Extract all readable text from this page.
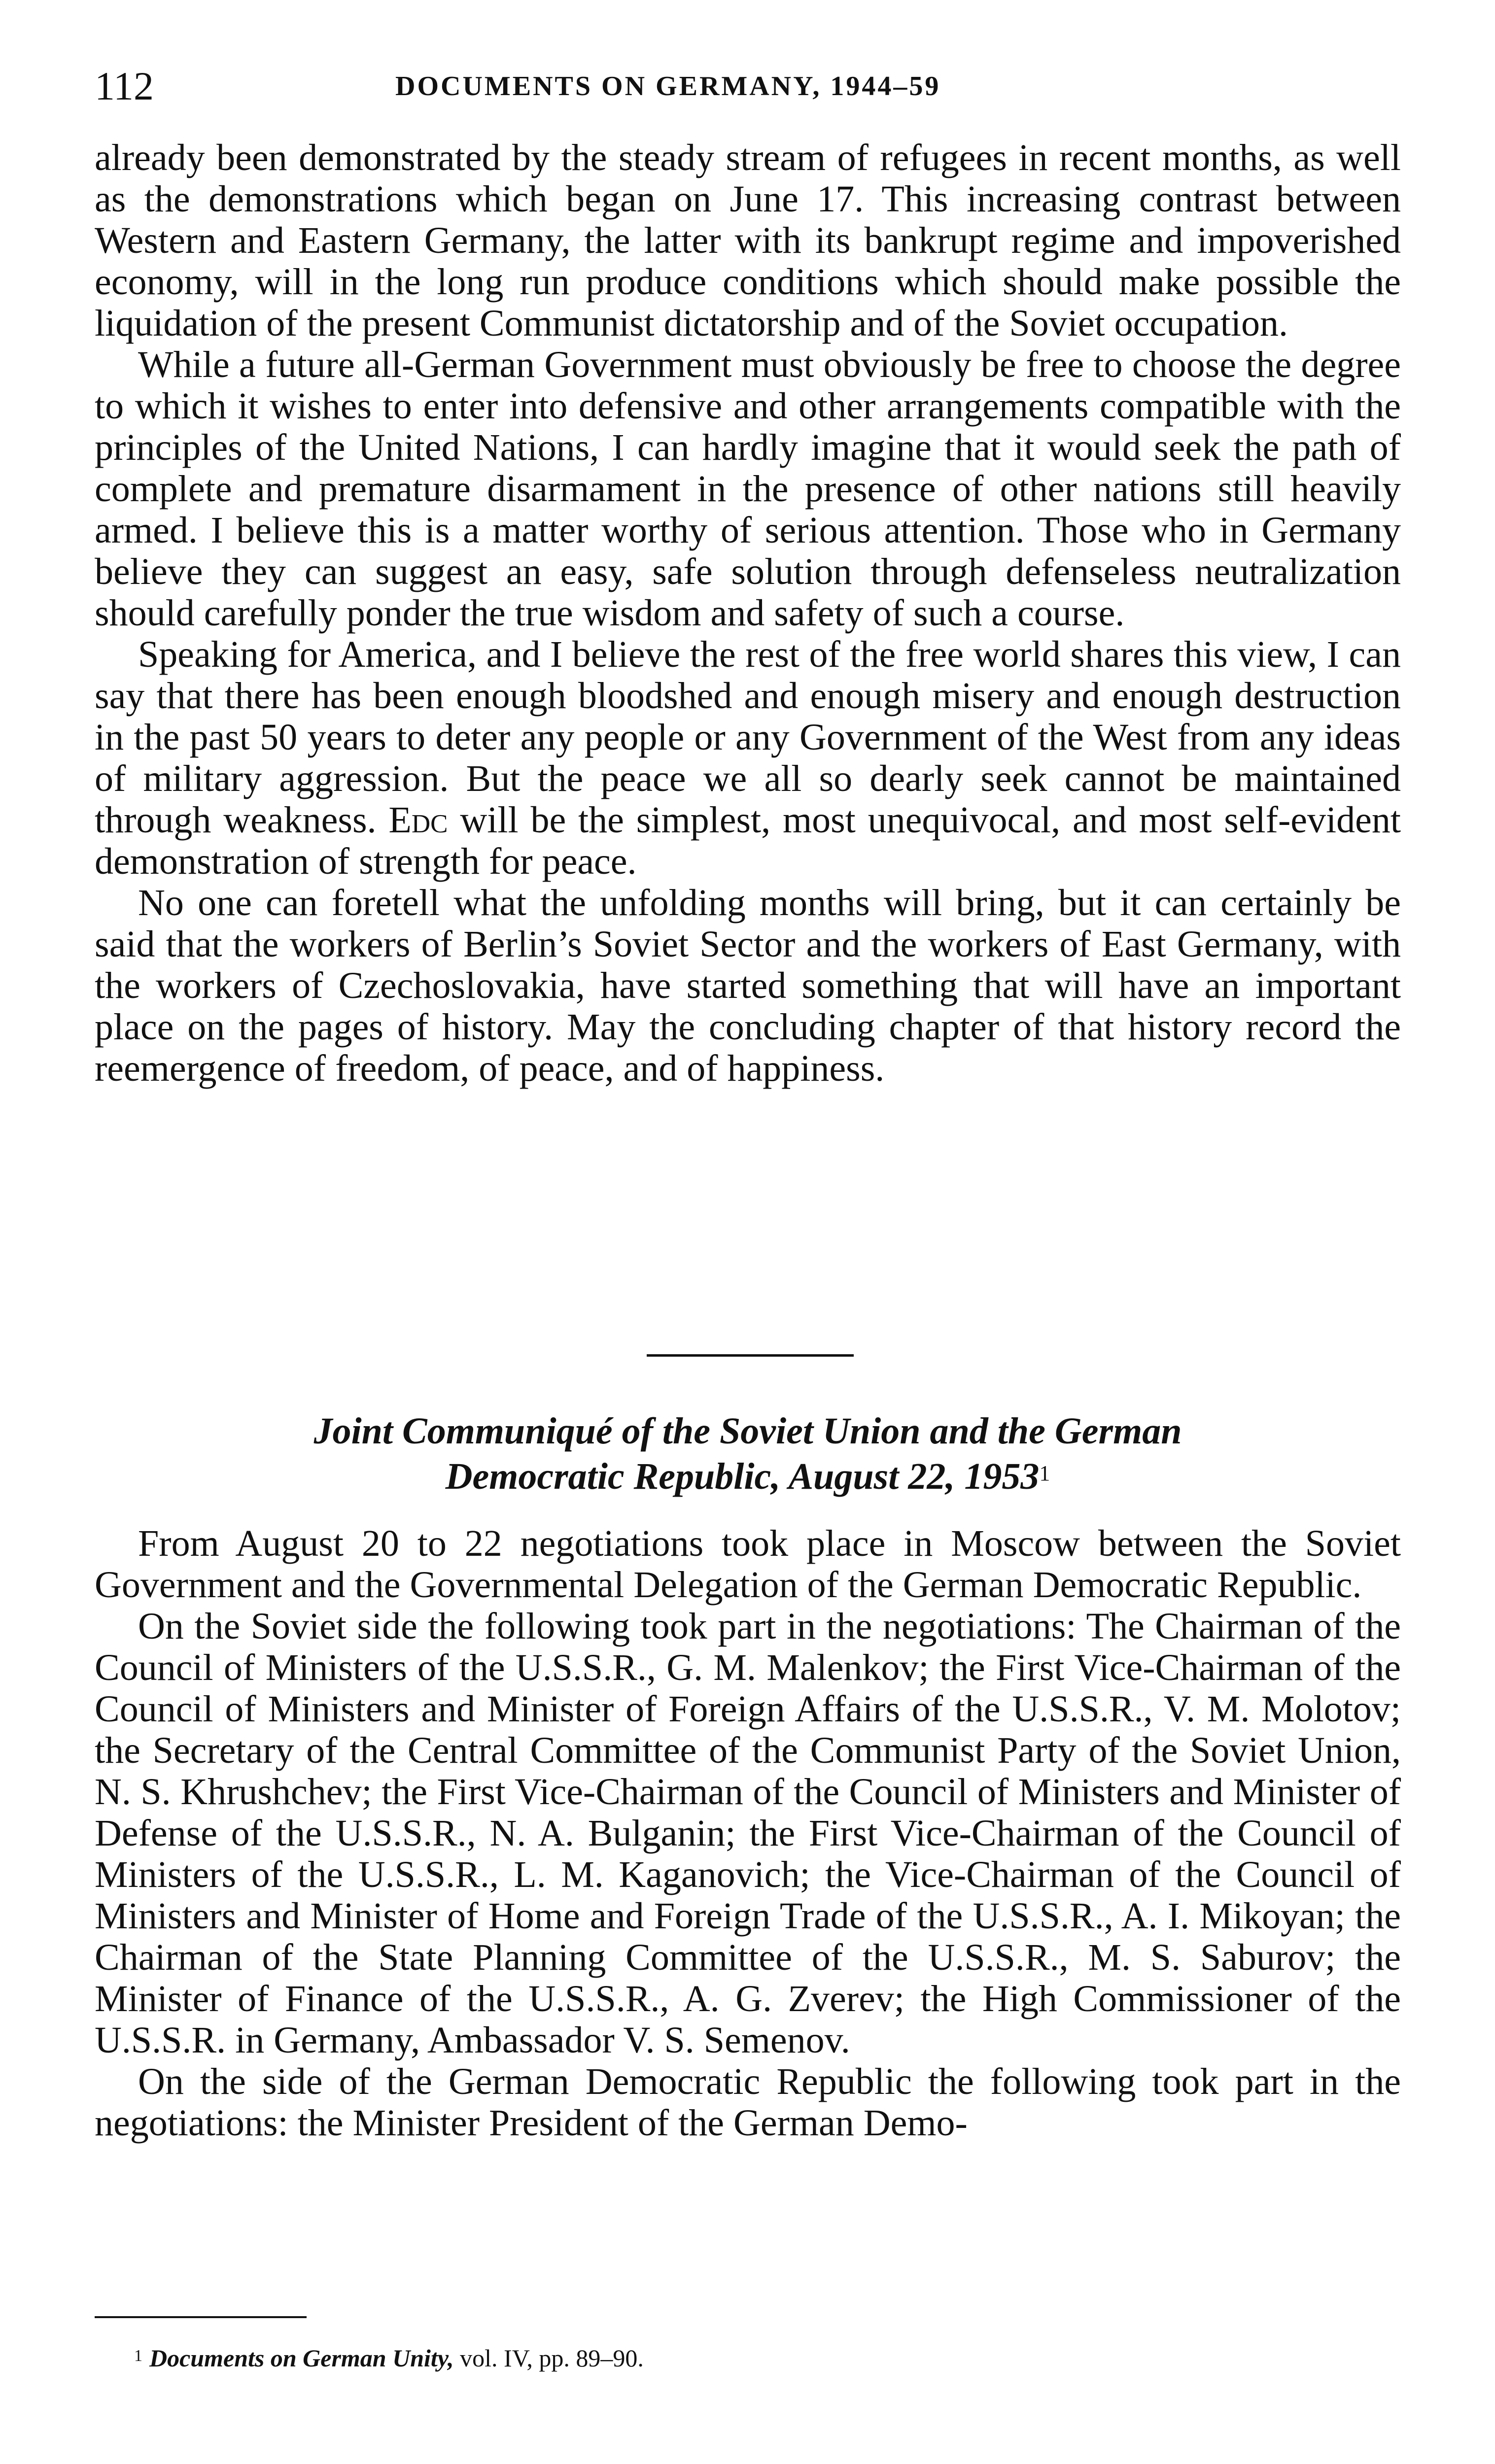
112	DOCUMENTS ON GERMANY, 1944–59

already been demonstrated by the steady stream of refugees in recent months, as well as the demonstrations which began on June 17. This increasing contrast between Western and Eastern Germany, the latter with its bankrupt regime and impoverished economy, will in the long run produce conditions which should make possible the liquidation of the present Communist dictatorship and of the Soviet occupation.

While a future all-German Government must obviously be free to choose the degree to which it wishes to enter into defensive and other arrangements compatible with the principles of the United Nations, I can hardly imagine that it would seek the path of complete and premature disarmament in the presence of other nations still heavily armed. I believe this is a matter worthy of serious attention. Those who in Germany believe they can suggest an easy, safe solution through defenseless neutralization should carefully ponder the true wisdom and safety of such a course.

Speaking for America, and I believe the rest of the free world shares this view, I can say that there has been enough bloodshed and enough misery and enough destruction in the past 50 years to deter any people or any Government of the West from any ideas of military aggression. But the peace we all so dearly seek cannot be maintained through weakness. Edc will be the simplest, most unequivocal, and most self-evident demonstration of strength for peace.

No one can foretell what the unfolding months will bring, but it can certainly be said that the workers of Berlin’s Soviet Sector and the workers of East Germany, with the workers of Czechoslovakia, have started something that will have an important place on the pages of history. May the concluding chapter of that history record the reemergence of freedom, of peace, and of happiness.

Joint Communiqué of the Soviet Union and the German
Democratic Republic, August 22, 1953$^1$

From August 20 to 22 negotiations took place in Moscow between the Soviet Government and the Governmental Delegation of the German Democratic Republic.

On the Soviet side the following took part in the negotiations: The Chairman of the Council of Ministers of the U.S.S.R., G. M. Malenkov; the First Vice-Chairman of the Council of Ministers and Minister of Foreign Affairs of the U.S.S.R., V. M. Molotov; the Secretary of the Central Committee of the Communist Party of the Soviet Union, N. S. Khrushchev; the First Vice-Chairman of the Council of Ministers and Minister of Defense of the U.S.S.R., N. A. Bulganin; the First Vice-Chairman of the Council of Ministers of the U.S.S.R., L. M. Kaganovich; the Vice-Chairman of the Council of Ministers and Minister of Home and Foreign Trade of the U.S.S.R., A. I. Mikoyan; the Chairman of the State Planning Committee of the U.S.S.R., M. S. Saburov; the Minister of Finance of the U.S.S.R., A. G. Zverev; the High Commissioner of the U.S.S.R. in Germany, Ambassador V. S. Semenov.

On the side of the German Democratic Republic the following took part in the negotiations: the Minister President of the German Demo-

$^1$ Documents on German Unity, vol. IV, pp. 89–90.
